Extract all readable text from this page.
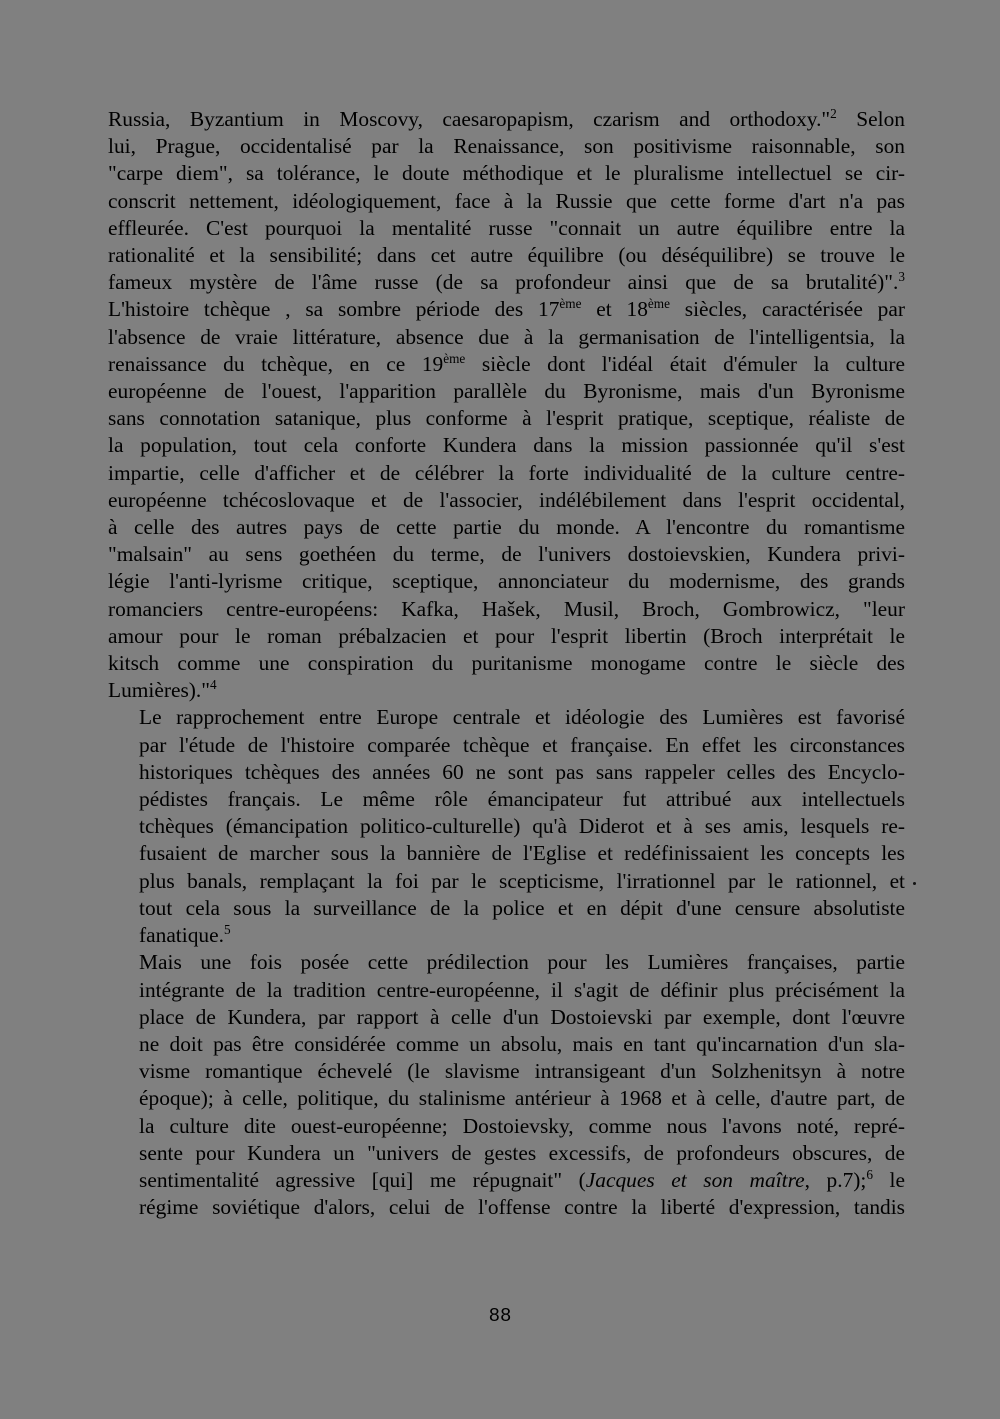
Russia, Byzantium in Moscovy, caesaropapism, czarism and orthodoxy."$^2$ Selon
lui, Prague, occidentalisé par la Renaissance, son positivisme raisonnable, son
"carpe diem", sa tolérance, le doute méthodique et le pluralisme intellectuel se cir-
conscrit nettement, idéologiquement, face à la Russie que cette forme d'art n'a pas
effleurée. C'est pourquoi la mentalité russe "connait un autre équilibre entre la
rationalité et la sensibilité; dans cet autre équilibre (ou déséquilibre) se trouve le
fameux mystère de l'âme russe (de sa profondeur ainsi que de sa brutalité)".$^3$
L'histoire tchèque , sa sombre période des 17ème et 18ème siècles, caractérisée par
l'absence de vraie littérature, absence due à la germanisation de l'intelligentsia, la
renaissance du tchèque, en ce 19ème siècle dont l'idéal était d'émuler la culture
européenne de l'ouest, l'apparition parallèle du Byronisme, mais d'un Byronisme
sans connotation satanique, plus conforme à l'esprit pratique, sceptique, réaliste de
la population, tout cela conforte Kundera dans la mission passionnée qu'il s'est
impartie, celle d'afficher et de célébrer la forte individualité de la culture centre-
européenne tchécoslovaque et de l'associer, indélébilement dans l'esprit occidental,
à celle des autres pays de cette partie du monde. A l'encontre du romantisme
"malsain" au sens goethéen du terme, de l'univers dostoievskien, Kundera privi-
légie l'anti-lyrisme critique, sceptique, annonciateur du modernisme, des grands
romanciers centre-européens: Kafka, Hašek, Musil, Broch, Gombrowicz, "leur
amour pour le roman prébalzacien et pour l'esprit libertin (Broch interprétait le
kitsch comme une conspiration du puritanisme monogame contre le siècle des
Lumières)."$^4$
Le rapprochement entre Europe centrale et idéologie des Lumières est favorisé
par l'étude de l'histoire comparée tchèque et française. En effet les circonstances
historiques tchèques des années 60 ne sont pas sans rappeler celles des Encyclo-
pédistes français. Le même rôle émancipateur fut attribué aux intellectuels
tchèques (émancipation politico-culturelle) qu'à Diderot et à ses amis, lesquels re-
fusaient de marcher sous la bannière de l'Eglise et redéfinissaient les concepts les
plus banals, remplaçant la foi par le scepticisme, l'irrationnel par le rationnel, et
tout cela sous la surveillance de la police et en dépit d'une censure absolutiste
fanatique.$^5$
Mais une fois posée cette prédilection pour les Lumières françaises, partie
intégrante de la tradition centre-européenne, il s'agit de définir plus précisément la
place de Kundera, par rapport à celle d'un Dostoievski par exemple, dont l'œuvre
ne doit pas être considérée comme un absolu, mais en tant qu'incarnation d'un sla-
visme romantique échevelé (le slavisme intransigeant d'un Solzhenitsyn à notre
époque); à celle, politique, du stalinisme antérieur à 1968 et à celle, d'autre part, de
la culture dite ouest-européenne; Dostoievsky, comme nous l'avons noté, repré-
sente pour Kundera un "univers de gestes excessifs, de profondeurs obscures, de
sentimentalité agressive [qui] me répugnait" (Jacques et son maître, p.7);$^6$ le
régime soviétique d'alors, celui de l'offense contre la liberté d'expression, tandis
88
